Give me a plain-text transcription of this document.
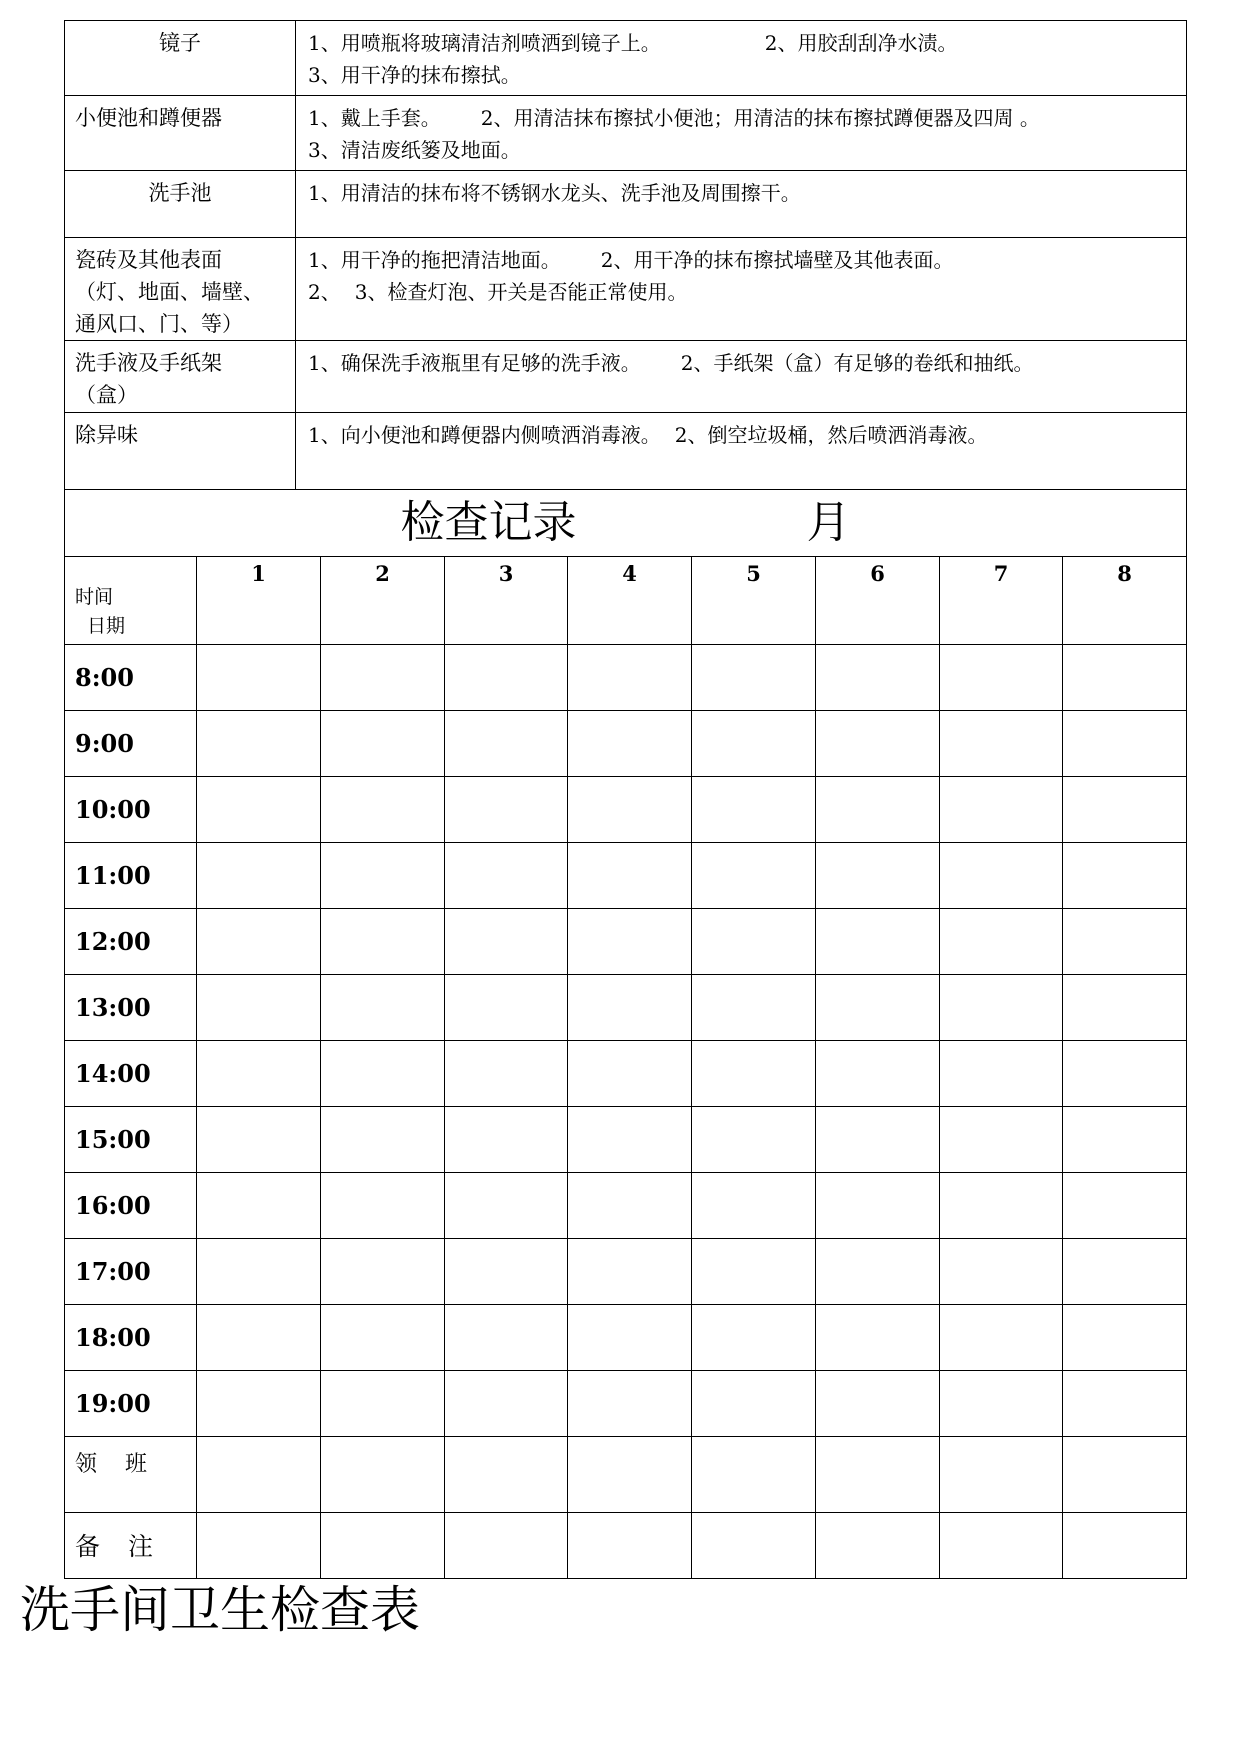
镜子	1、用喷瓶将玻璃清洁剂喷洒到镜子上。 2、用胶刮刮净水渍。
3、用干净的抹布擦拭。
小便池和蹲便器	1、戴上手套。 2、用清洁抹布擦拭小便池；用清洁的抹布擦拭蹲便器及四周 。
3、清洁废纸篓及地面。
洗手池	1、用清洁的抹布将不锈钢水龙头、洗手池及周围擦干。
瓷砖及其他表面
（灯、地面、墙壁、
通风口、门、等）	1、用干净的拖把清洁地面。 2、用干净的抹布擦拭墙壁及其他表面。
2、 3、检查灯泡、开关是否能正常使用。
洗手液及手纸架
（盒）	1、确保洗手液瓶里有足够的洗手液。 2、手纸架（盒）有足够的卷纸和抽纸。
除异味	1、向小便池和蹲便器内侧喷洒消毒液。 2、倒空垃圾桶，然后喷洒消毒液。
检查记录 月								
时间
日期	1	2	3	4	5	6	7	8
8:00								
9:00								
10:00								
11:00								
12:00								
13:00								
14:00								
15:00								
16:00								
17:00								
18:00								
19:00								
领 班								
备 注								
洗手间卫生检查表
